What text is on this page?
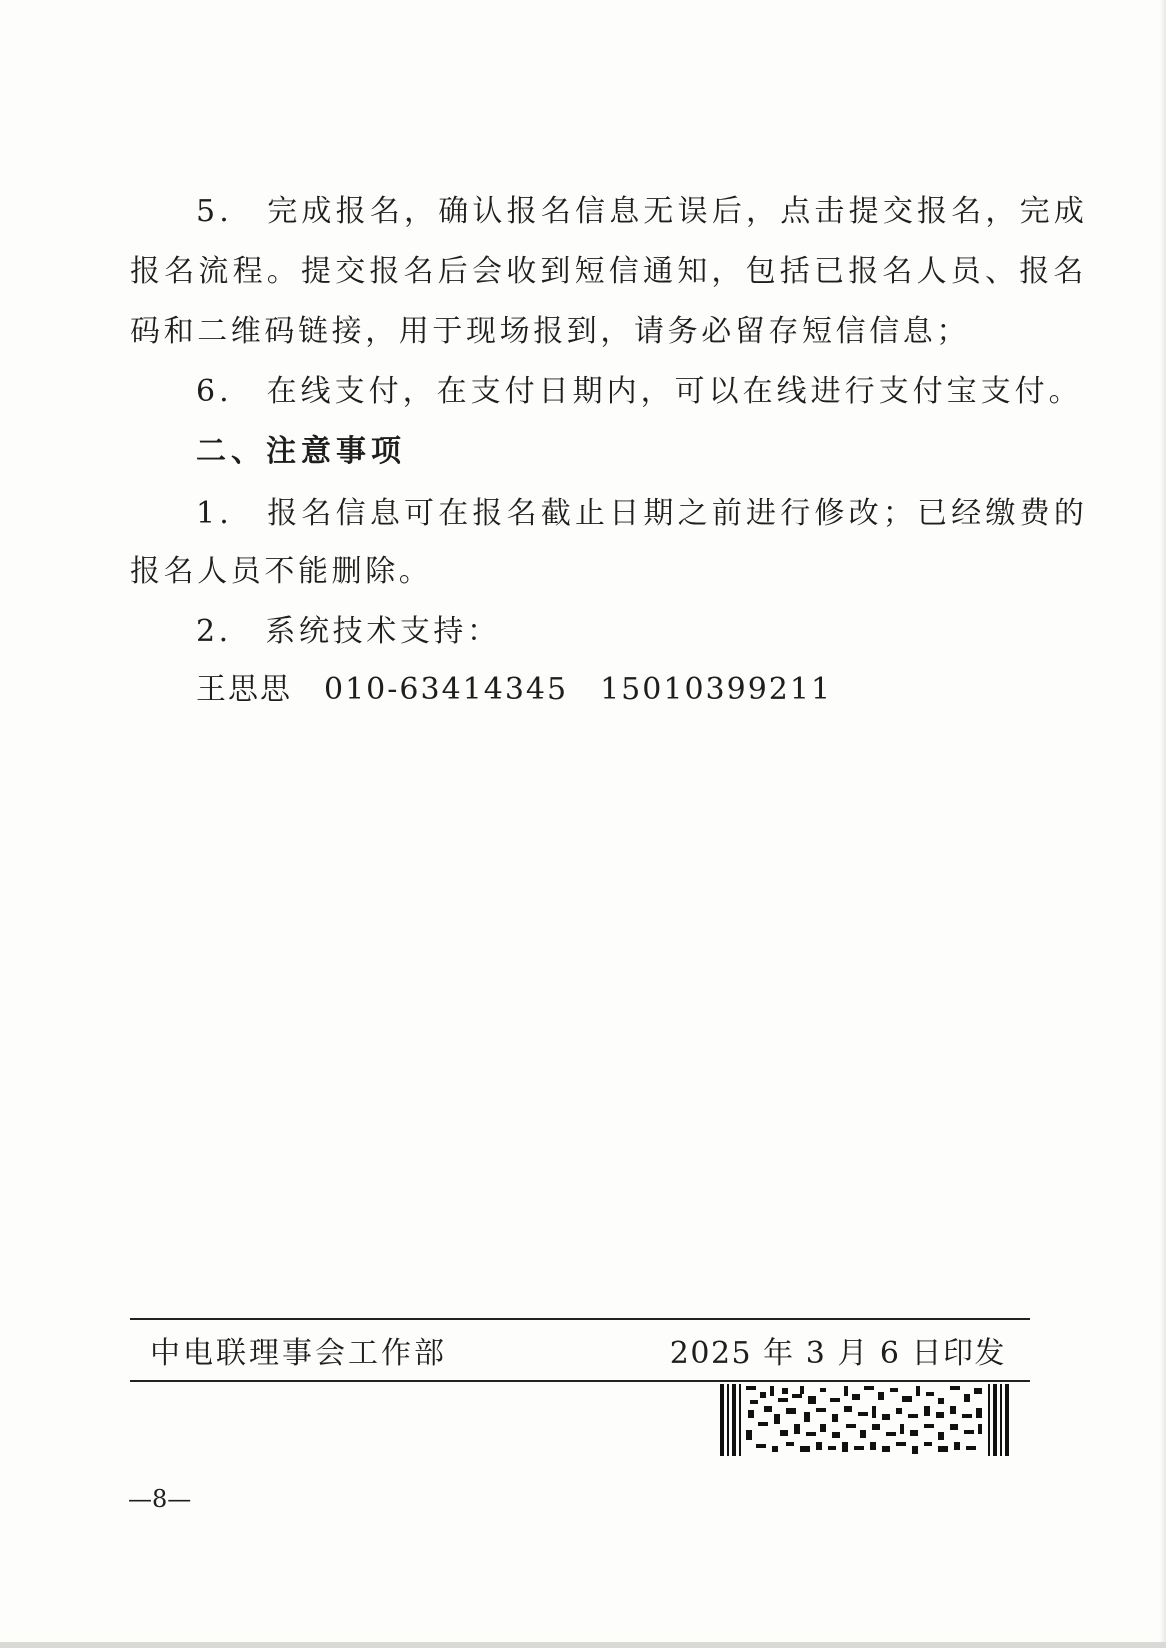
5.　完成报名，确认报名信息无误后，点击提交报名，完成
报名流程。提交报名后会收到短信通知，包括已报名人员、报名
码和二维码链接，用于现场报到，请务必留存短信信息；
6.　在线支付，在支付日期内，可以在线进行支付宝支付。
二、注意事项
1.　报名信息可在报名截止日期之前进行修改；已经缴费的
报名人员不能删除。
2.　系统技术支持：
王思思　010-63414345　15010399211
中电联理事会工作部	2025 年 3 月 6 日印发
—8—
